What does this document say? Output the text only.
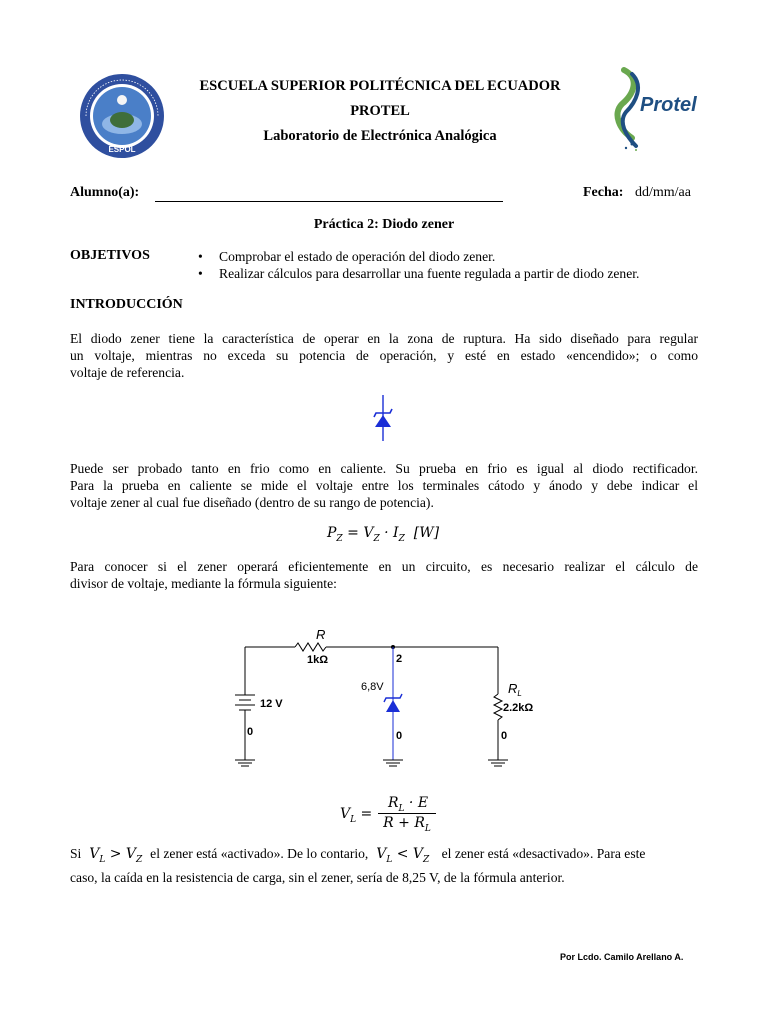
ESPOL
ESCUELA SUPERIOR POLITÉCNICA DEL ECUADOR
PROTEL
Laboratorio de Electrónica Analógica
Protel
Alumno(a):	Fecha: dd/mm/aa
Práctica 2: Diodo zener
OBJETIVOS	• Comprobar el estado de operación del diodo zener.
• Realizar cálculos para desarrollar una fuente regulada a partir de diodo zener.
INTRODUCCIÓN
El diodo zener tiene la característica de operar en la zona de ruptura. Ha sido diseñado para regular
un voltaje, mientras no exceda su potencia de operación, y esté en estado «encendido»; o como
voltaje de referencia.
Puede ser probado tanto en frio como en caliente. Su prueba en frio es igual al diodo rectificador.
Para la prueba en caliente se mide el voltaje entre los terminales cátodo y ánodo y debe indicar el
voltaje zener al cual fue diseñado (dentro de su rango de potencia).
$P_Z = V_Z \cdot I_Z$  [W]
Para conocer si el zener operará eficientemente en un circuito, es necesario realizar el cálculo de
divisor de voltaje, mediante la fórmula siguiente:
R
1kΩ	2
12 V
6,8V	$R_L$
2.2kΩ
0	0	0
$V_L$ =
$R_L \cdot E$
$R + R_L$
Si  $V_L > V_Z$ el zener está «activado». De lo contario,  $V_L < V_Z$ el zener está «desactivado». Para este
caso, la caída en la resistencia de carga, sin el zener, sería de 8,25 V, de la fórmula anterior.
Por Lcdo. Camilo Arellano A.
